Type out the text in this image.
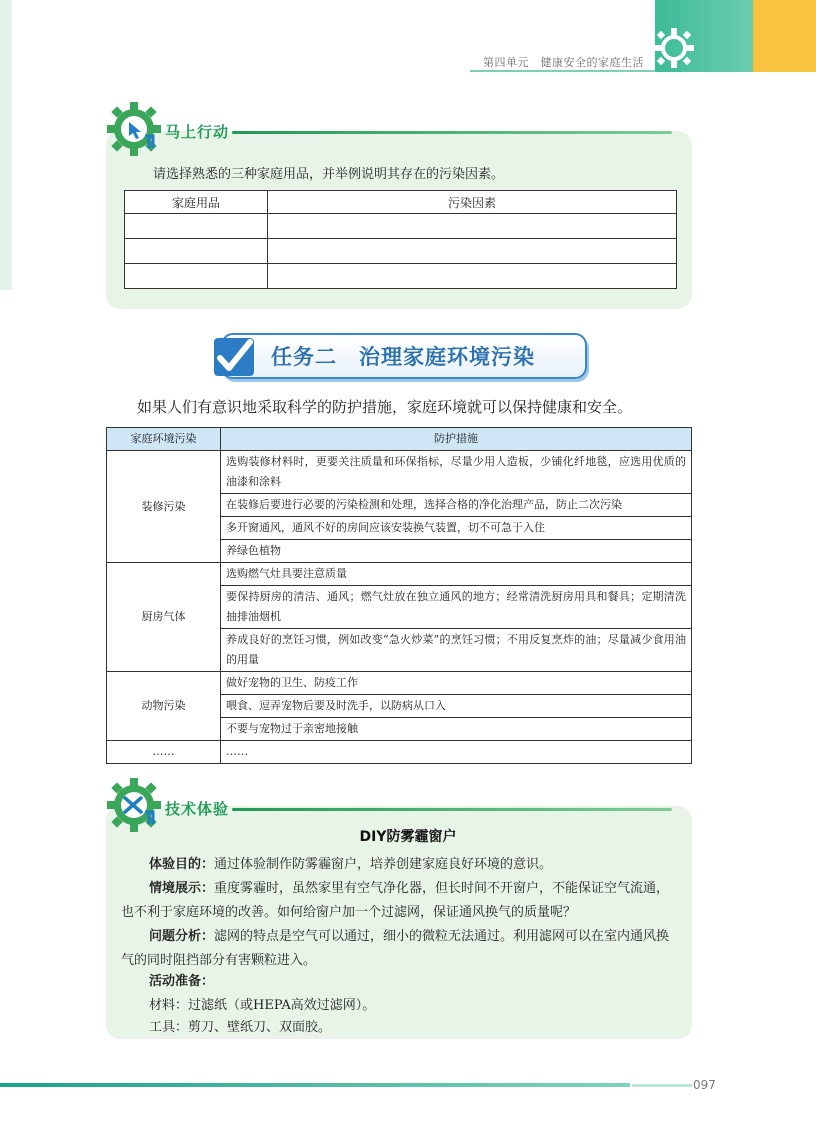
第四单元　健康安全的家庭生活
马上行动
请选择熟悉的三种家庭用品，并举例说明其存在的污染因素。
家庭用品	污染因素

任务二　治理家庭环境污染
如果人们有意识地采取科学的防护措施，家庭环境就可以保持健康和安全。
家庭环境污染	防护措施
装修污染	选购装修材料时，更要关注质量和环保指标，尽量少用人造板，少铺化纤地毯，应选用优质的油漆和涂料
	在装修后要进行必要的污染检测和处理，选择合格的净化治理产品，防止二次污染
	多开窗通风，通风不好的房间应该安装换气装置，切不可急于入住
	养绿色植物
厨房气体	选购燃气灶具要注意质量
	要保持厨房的清洁、通风；燃气灶放在独立通风的地方；经常清洗厨房用具和餐具；定期清洗抽排油烟机
	养成良好的烹饪习惯，例如改变“急火炒菜”的烹饪习惯；不用反复烹炸的油；尽量减少食用油的用量
动物污染	做好宠物的卫生、防疫工作
	喂食、逗弄宠物后要及时洗手，以防病从口入
	不要与宠物过于亲密地接触
……	……
技术体验
DIY防雾霾窗户
体验目的：通过体验制作防雾霾窗户，培养创建家庭良好环境的意识。
情境展示：重度雾霾时，虽然家里有空气净化器，但长时间不开窗户，不能保证空气流通，也不利于家庭环境的改善。如何给窗户加一个过滤网，保证通风换气的质量呢？
问题分析：滤网的特点是空气可以通过，细小的微粒无法通过。利用滤网可以在室内通风换气的同时阻挡部分有害颗粒进入。
活动准备：
材料：过滤纸（或HEPA高效过滤网）。
工具：剪刀、壁纸刀、双面胶。
097
